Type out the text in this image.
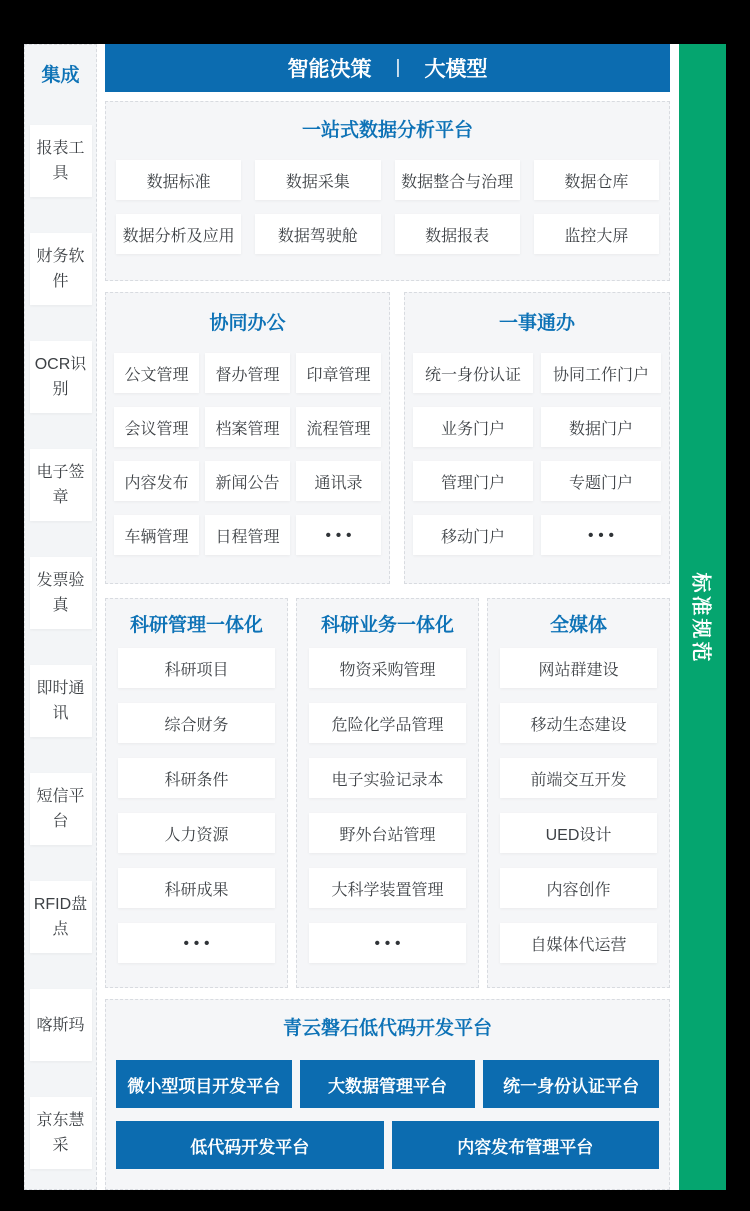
集成
报表工具
财务软件
OCR识别
电子签章
发票验真
即时通讯
短信平台
RFID盘点
喀斯玛
京东慧采
智能决策 | 大模型
一站式数据分析平台
数据标准	数据采集	数据整合与治理	数据仓库
数据分析及应用	数据驾驶舱	数据报表	监控大屏
协同办公
公文管理	督办管理	印章管理
会议管理	档案管理	流程管理
内容发布	新闻公告	通讯录
车辆管理	日程管理	•••
一事通办
统一身份认证	协同工作门户
业务门户	数据门户
管理门户	专题门户
移动门户	•••
科研管理一体化
科研项目
综合财务
科研条件
人力资源
科研成果
•••
科研业务一体化
物资采购管理
危险化学品管理
电子实验记录本
野外台站管理
大科学装置管理
•••
全媒体
网站群建设
移动生态建设
前端交互开发
UED设计
内容创作
自媒体代运营
青云磐石低代码开发平台
微小型项目开发平台	大数据管理平台	统一身份认证平台
低代码开发平台	内容发布管理平台
标准规范
